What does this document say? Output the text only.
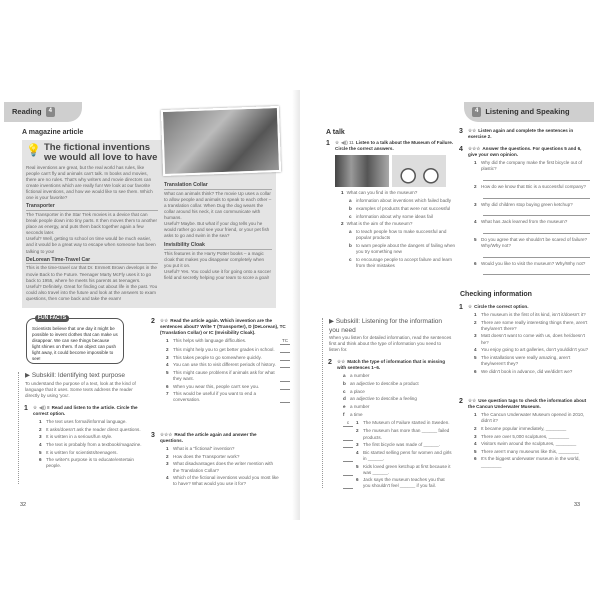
Reading	4
A magazine article
💡 The fictional inventions we would all love to have
Real inventions are great, but the real world has rules, like people can't fly and animals can't talk. In books and movies, there are no rules. That's why writers and movie directors can create inventions which are really fun! We look at our favorite fictional inventions, and how we would like to see them. Which one is your favorite?
Transporter
The Transporter in the Star Trek movies is a device that can break people down into tiny parts. It then moves them to another place as energy, and puts them back together again a few seconds later.
Useful? Well, getting to school on time would be much easier, and it would be a great way to escape when someone has been talking to you!
DeLorean Time-Travel Car
This is the time-travel car that Dr. Emmett Brown develops in the movie Back to the Future. Teenager Marty McFly uses it to go back to 1955, where he meets his parents as teenagers.
Useful? Definitely. Great for finding out about life in the past. You could also travel into the future and look at the answers to exam questions, then come back and take the exam!
Translation Collar
What can animals think? The movie Up uses a collar to allow people and animals to speak to each other – a translation collar. When Dug the dog wears the collar around his neck, it can communicate with humans.
Useful? Maybe. But what if your dog tells you he would rather go and see your friend, or your pet fish asks to go and swim in the sea?
Invisibility Cloak
This features in the Harry Potter books – a magic cloak that makes you disappear completely when you put it on.
Useful? Yes. You could use it for going onto a soccer field and secretly helping your team to score a goal!
FUN FACTS
Scientists believe that one day it might be possible to invent clothes that can make us disappear. We can see things because light shines on them. If an object can push light away, it could become impossible to see!
▶ Subskill: Identifying text purpose
To understand the purpose of a text, look at the kind of language that it uses. Some texts address the reader directly by using 'you'.
1 ☆ ◀)) 8 Read and listen to the article. Circle the correct option.
1 The text uses formal/informal language.
2 It asks/doesn't ask the reader direct questions.
3 It is written in a serious/fun style.
4 The text is probably from a textbook/magazine.
5 It is written for scientists/teenagers.
6 The writer's purpose is to educate/entertain people.
2 ☆☆ Read the article again. Which invention are the sentences about? Write T (Transporter), D (DeLorean), TC (Translation Collar) or IC (Invisibility Cloak).
1 This helps with language difficulties.	TC
2 This might help you to get better grades in school.
3 This takes people to go somewhere quickly.
4 You can use this to visit different periods of history.
5 This might cause problems if animals ask for what they want.
6 When you wear this, people can't see you.
7 This would be useful if you want to end a conversation.
3 ☆☆☆ Read the article again and answer the questions.
1 What is a "fictional" invention?
2 How does the Transporter work?
3 What disadvantages does the writer mention with the Translation Collar?
4 Which of the fictional inventions would you most like to have? What would you use it for?
32
4 Listening and Speaking
A talk
1 ☆ ◀)) 11 Listen to a talk about the Museum of Failure. Circle the correct answers.
1 What can you find in the museum?
a information about inventions which failed badly
b examples of products that were not successful
c information about why some ideas fail
2 What is the aim of the museum?
a to teach people how to make successful and popular products
b to warn people about the dangers of failing when you try something new
c to encourage people to accept failure and learn from their mistakes
▶ Subskill: Listening for the information you need
When you listen for detailed information, read the sentences first and think about the type of information you need to listen for.
2 ☆☆ Match the type of information that is missing with sentences 1–6.
a a number
b an adjective to describe a product
c a place
d an adjective to describe a feeling
e a number
f	a time
c	1 The Museum of Failure started in Sweden.
2 The museum has more than ______ failed products.
3 The first bicycle was made of ______.
4 Bic started selling pens for women and girls in ______.
5 Kids loved green ketchup at first because it was ______.
6 Jack says the museum teaches you that you shouldn't feel ______ if you fail.
3 ☆☆ Listen again and complete the sentences in exercise 2.
4 ☆☆☆ Answer the questions. For questions 5 and 6, give your own opinion.
1 Why did the company make the first bicycle out of plastic?
2 How do we know that Bic is a successful company?
3 Why did children stop buying green ketchup?
4 What has Jack learned from the museum?
5 Do you agree that we shouldn't be scared of failure? Why/Why not?
6 Would you like to visit the museum? Why/Why not?
Checking information
1 ☆ Circle the correct option.
1 The museum is the first of its kind, isn't it/doesn't it?
2 There are some really interesting things there, aren't they/aren't there?
3 Matt doesn't want to come with us, does he/doesn't he?
4 You enjoy going to art galleries, don't you/didn't you?
5 The installations were really amazing, aren't they/weren't they?
6 We didn't book in advance, did we/didn't we?
2 ☆☆ Use question tags to check the information about the Cancun Underwater Museum.
1 The Cancun Underwater Museum opened in 2010, didn't it?
2 It became popular immediately, ________
3 There are over 5,000 sculptures, ________
4 Visitors swim around the sculptures, ________
5 There aren't many museums like this, ________
6 It's the biggest underwater museum in the world, ________
33
